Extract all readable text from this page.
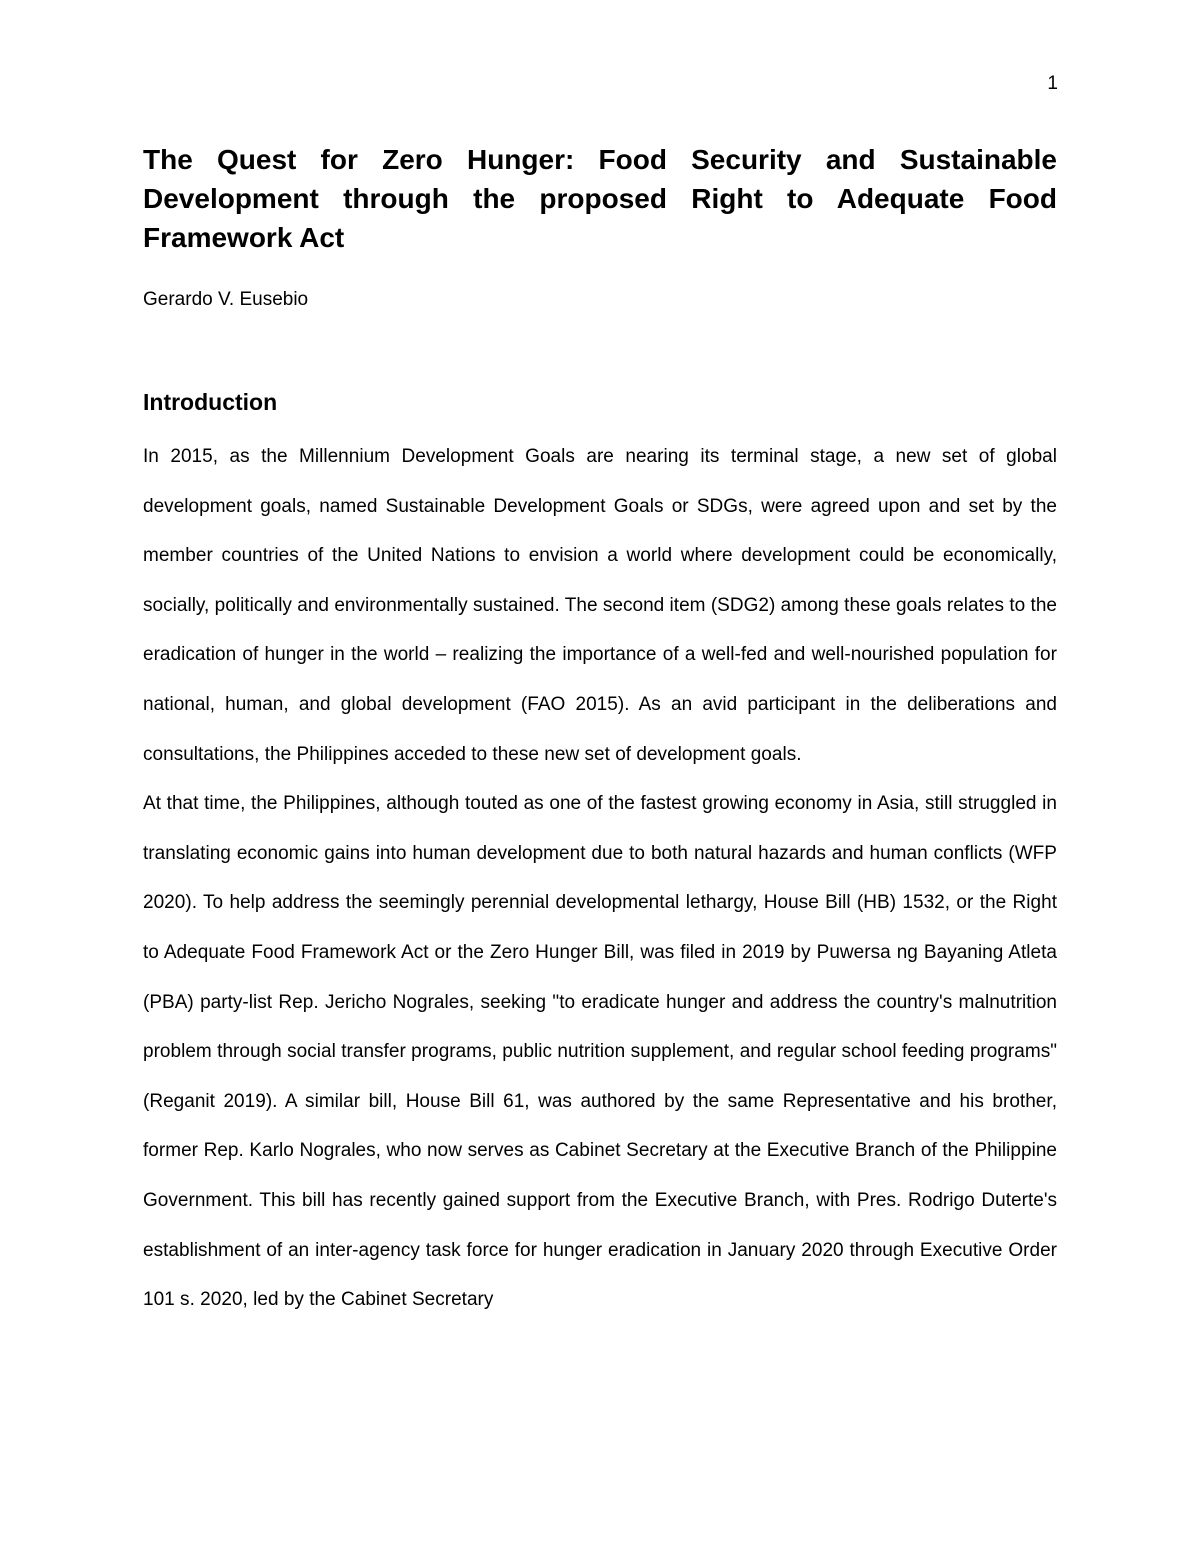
1
The Quest for Zero Hunger: Food Security and Sustainable Development through the proposed Right to Adequate Food Framework Act
Gerardo V. Eusebio
Introduction

In 2015, as the Millennium Development Goals are nearing its terminal stage, a new set of global development goals, named Sustainable Development Goals or SDGs, were agreed upon and set by the member countries of the United Nations to envision a world where development could be economically, socially, politically and environmentally sustained. The second item (SDG2) among these goals relates to the eradication of hunger in the world – realizing the importance of a well-fed and well-nourished population for national, human, and global development (FAO 2015). As an avid participant in the deliberations and consultations, the Philippines acceded to these new set of development goals.

At that time, the Philippines, although touted as one of the fastest growing economy in Asia, still struggled in translating economic gains into human development due to both natural hazards and human conflicts (WFP 2020). To help address the seemingly perennial developmental lethargy, House Bill (HB) 1532, or the Right to Adequate Food Framework Act or the Zero Hunger Bill, was filed in 2019 by Puwersa ng Bayaning Atleta (PBA) party-list Rep. Jericho Nograles, seeking "to eradicate hunger and address the country's malnutrition problem through social transfer programs, public nutrition supplement, and regular school feeding programs" (Reganit 2019). A similar bill, House Bill 61, was authored by the same Representative and his brother, former Rep. Karlo Nograles, who now serves as Cabinet Secretary at the Executive Branch of the Philippine Government. This bill has recently gained support from the Executive Branch, with Pres. Rodrigo Duterte's establishment of an inter-agency task force for hunger eradication in January 2020 through Executive Order 101 s. 2020, led by the Cabinet Secretary
